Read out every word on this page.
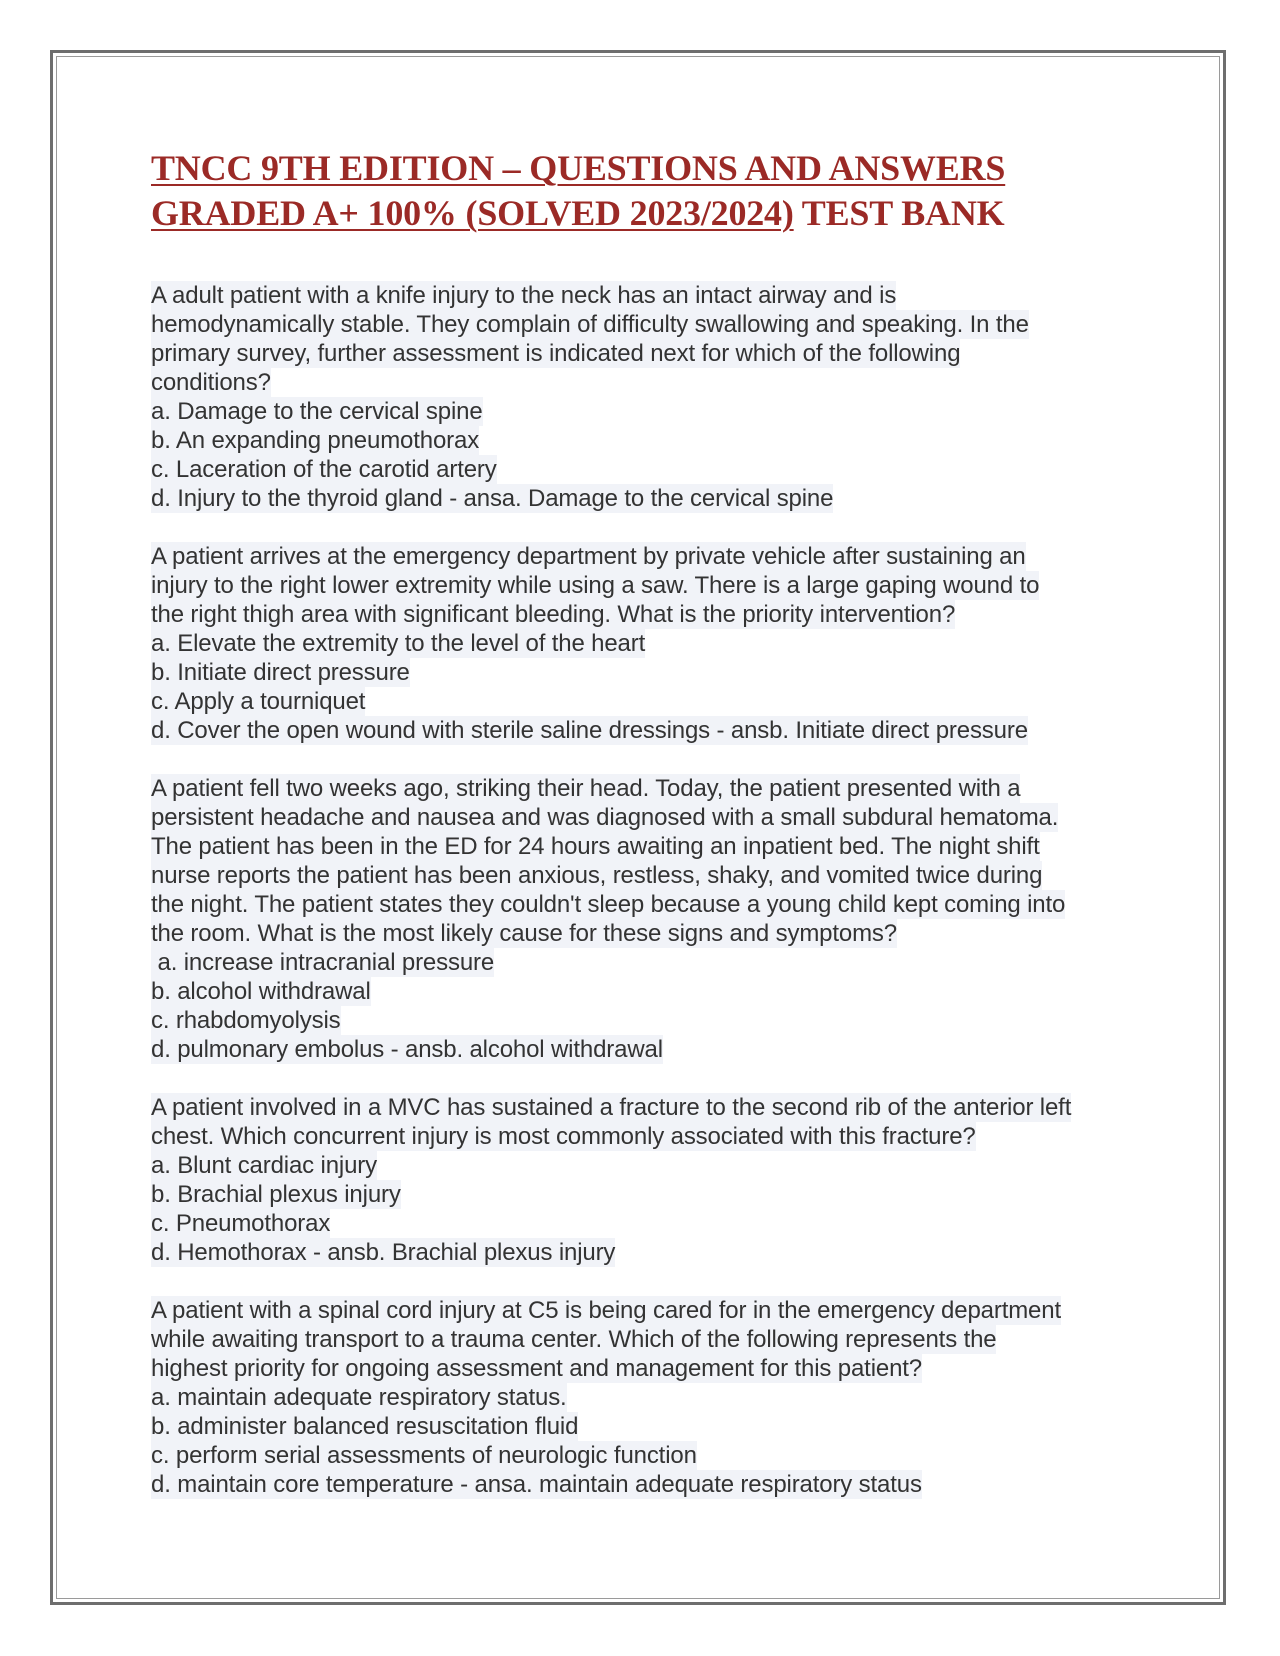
TNCC 9TH EDITION – QUESTIONS AND ANSWERS
GRADED A+ 100% (SOLVED 2023/2024) TEST BANK
A adult patient with a knife injury to the neck has an intact airway and is
hemodynamically stable. They complain of difficulty swallowing and speaking. In the
primary survey, further assessment is indicated next for which of the following
conditions?
a. Damage to the cervical spine
b. An expanding pneumothorax
c. Laceration of the carotid artery
d. Injury to the thyroid gland - ansa. Damage to the cervical spine
A patient arrives at the emergency department by private vehicle after sustaining an
injury to the right lower extremity while using a saw. There is a large gaping wound to
the right thigh area with significant bleeding. What is the priority intervention?
a. Elevate the extremity to the level of the heart
b. Initiate direct pressure
c. Apply a tourniquet
d. Cover the open wound with sterile saline dressings - ansb. Initiate direct pressure
A patient fell two weeks ago, striking their head. Today, the patient presented with a
persistent headache and nausea and was diagnosed with a small subdural hematoma.
The patient has been in the ED for 24 hours awaiting an inpatient bed. The night shift
nurse reports the patient has been anxious, restless, shaky, and vomited twice during
the night. The patient states they couldn't sleep because a young child kept coming into
the room. What is the most likely cause for these signs and symptoms?
a. increase intracranial pressure
b. alcohol withdrawal
c. rhabdomyolysis
d. pulmonary embolus - ansb. alcohol withdrawal
A patient involved in a MVC has sustained a fracture to the second rib of the anterior left
chest. Which concurrent injury is most commonly associated with this fracture?
a. Blunt cardiac injury
b. Brachial plexus injury
c. Pneumothorax
d. Hemothorax - ansb. Brachial plexus injury
A patient with a spinal cord injury at C5 is being cared for in the emergency department
while awaiting transport to a trauma center. Which of the following represents the
highest priority for ongoing assessment and management for this patient?
a. maintain adequate respiratory status.
b. administer balanced resuscitation fluid
c. perform serial assessments of neurologic function
d. maintain core temperature - ansa. maintain adequate respiratory status
